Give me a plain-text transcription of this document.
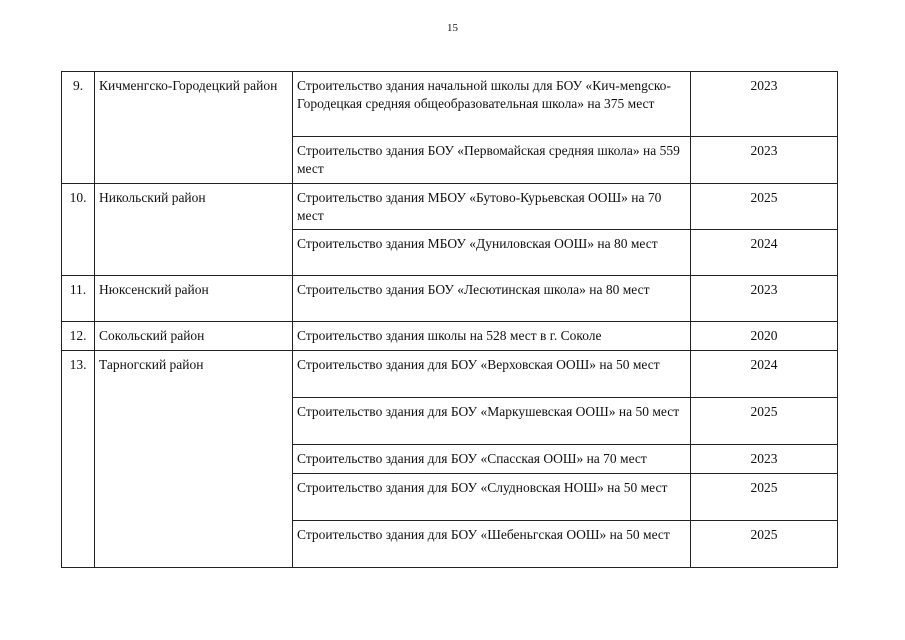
15
9.	Кичменгско-Городецкий район	Строительство здания начальной школы для БОУ «Кич-мengско-Городецкая средняя общеобразовательная школа» на 375 мест	2023
		Строительство здания БОУ «Первомайская средняя школа» на 559 мест	2023
10.	Никольский район	Строительство здания МБОУ «Бутово-Курьевская ООШ» на 70 мест	2025
		Строительство здания МБОУ «Дуниловская ООШ» на 80 мест	2024
11.	Нюксенский район	Строительство здания БОУ «Лесютинская школа» на 80 мест	2023
12.	Сокольский район	Строительство здания школы на 528 мест в г. Соколе	2020
13.	Тарногский район	Строительство здания для БОУ «Верховская ООШ» на 50 мест	2024
		Строительство здания для БОУ «Маркушевская ООШ» на 50 мест	2025
		Строительство здания для БОУ «Спасская ООШ» на 70 мест	2023
		Строительство здания для БОУ «Слудновская НОШ» на 50 мест	2025
		Строительство здания для БОУ «Шебеньгская ООШ» на 50 мест	2025
